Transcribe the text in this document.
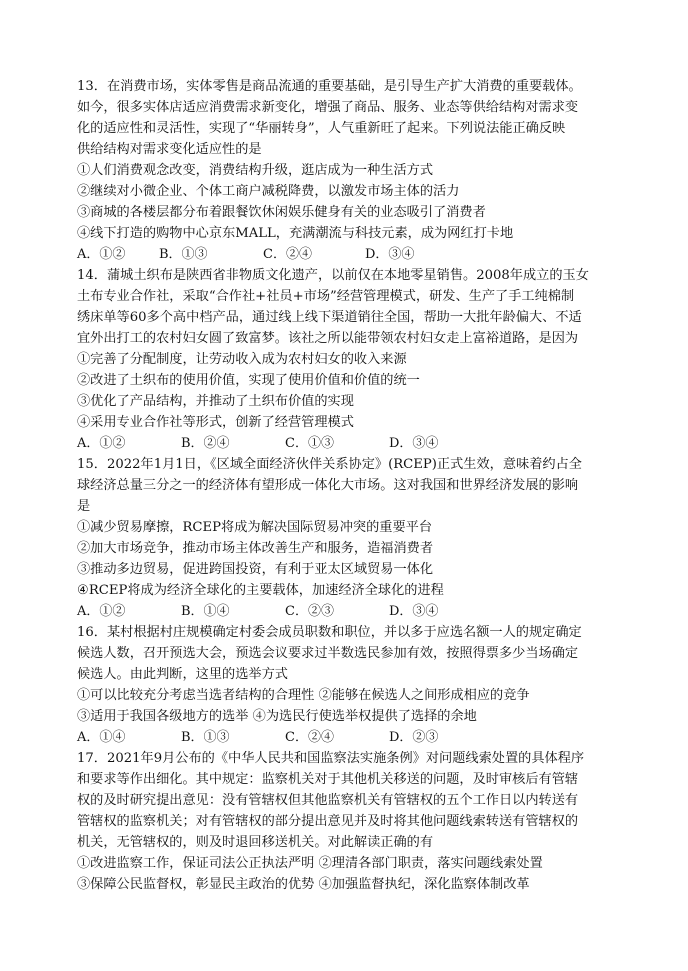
13．在消费市场，实体零售是商品流通的重要基础，是引导生产扩大消费的重要载体。
如今，很多实体店适应消费需求新变化，增强了商品、服务、业态等供给结构对需求变
化的适应性和灵活性，实现了“华丽转身”，人气重新旺了起来。下列说法能正确反映
供给结构对需求变化适应性的是
①人们消费观念改变，消费结构升级，逛店成为一种生活方式
②继续对小微企业、个体工商户减税降费，以激发市场主体的活力
③商城的各楼层都分布着跟餐饮休闲娱乐健身有关的业态吸引了消费者
④线下打造的购物中心京东MALL，充满潮流与科技元素，成为网红打卡地
A．①②	B．①③	C．②④	D．③④
14．蒲城土织布是陕西省非物质文化遗产，以前仅在本地零星销售。2008年成立的玉女
土布专业合作社，采取“合作社+社员+市场”经营管理模式，研发、生产了手工纯棉制
绣床单等60多个高中档产品，通过线上线下渠道销往全国，帮助一大批年龄偏大、不适
宜外出打工的农村妇女圆了致富梦。该社之所以能带领农村妇女走上富裕道路，是因为
①完善了分配制度，让劳动收入成为农村妇女的收入来源
②改进了土织布的使用价值，实现了使用价值和价值的统一
③优化了产品结构，并推动了土织布价值的实现
④采用专业合作社等形式，创新了经营管理模式
A．①②	B．②④	C．①③	D．③④
15．2022年1月1日，《区域全面经济伙伴关系协定》(RCEP)正式生效，意味着约占全
球经济总量三分之一的经济体有望形成一体化大市场。这对我国和世界经济发展的影响
是
①减少贸易摩擦，RCEP将成为解决国际贸易冲突的重要平台
②加大市场竞争，推动市场主体改善生产和服务，造福消费者
③推动多边贸易，促进跨国投资，有利于亚太区域贸易一体化
④RCEP将成为经济全球化的主要载体，加速经济全球化的进程
A．①②	B．①④	C．②③	D．③④
16．某村根据村庄规模确定村委会成员职数和职位，并以多于应选名额一人的规定确定
候选人数，召开预选大会，预选会议要求过半数选民参加有效，按照得票多少当场确定
候选人。由此判断，这里的选举方式
①可以比较充分考虑当选者结构的合理性 ②能够在候选人之间形成相应的竞争
③适用于我国各级地方的选举 ④为选民行使选举权提供了选择的余地
A．①④	B．①③	C．②④	D．②③
17．2021年9月公布的《中华人民共和国监察法实施条例》对问题线索处置的具体程序
和要求等作出细化。其中规定：监察机关对于其他机关移送的问题，及时审核后有管辖
权的及时研究提出意见：没有管辖权但其他监察机关有管辖权的五个工作日以内转送有
管辖权的监察机关；对有管辖权的部分提出意见并及时将其他问题线索转送有管辖权的
机关，无管辖权的，则及时退回移送机关。对此解读正确的有
①改进监察工作，保证司法公正执法严明 ②理清各部门职责，落实问题线索处置
③保障公民监督权，彰显民主政治的优势 ④加强监督执纪，深化监察体制改革
